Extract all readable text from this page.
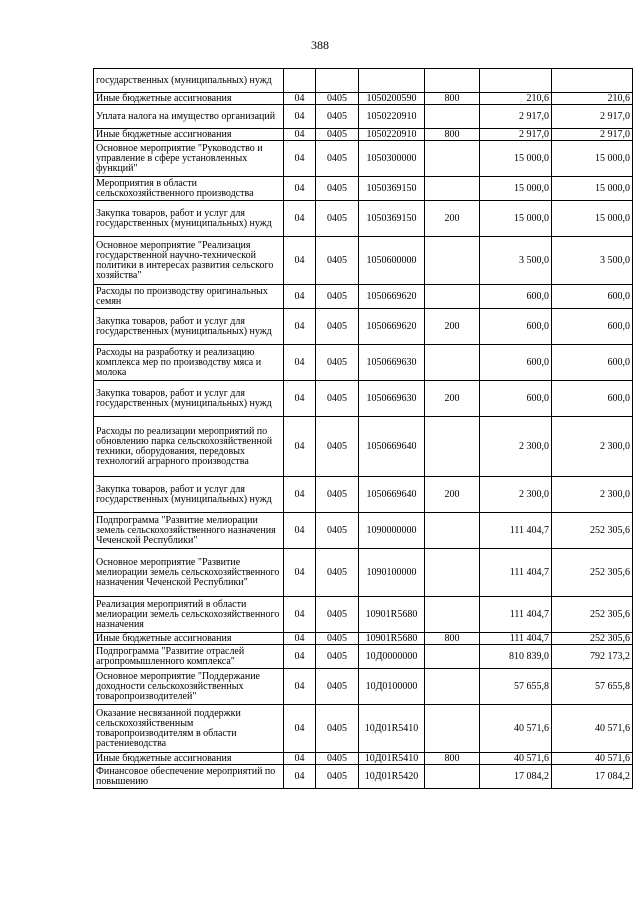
388
государственных (муниципальных) нужд						
Иные бюджетные ассигнования	04	0405	1050200590	800	210,6	210,6
Уплата налога на имущество организаций	04	0405	1050220910		2 917,0	2 917,0
Иные бюджетные ассигнования	04	0405	1050220910	800	2 917,0	2 917,0
Основное мероприятие "Руководство и управление в сфере установленных функций"	04	0405	1050300000		15 000,0	15 000,0
Мероприятия в области сельскохозяйственного производства	04	0405	1050369150		15 000,0	15 000,0
Закупка товаров, работ и услуг для государственных (муниципальных) нужд	04	0405	1050369150	200	15 000,0	15 000,0
Основное мероприятие "Реализация государственной научно-технической политики в интересах развития сельского хозяйства"	04	0405	1050600000		3 500,0	3 500,0
Расходы по производству оригинальных семян	04	0405	1050669620		600,0	600,0
Закупка товаров, работ и услуг для государственных (муниципальных) нужд	04	0405	1050669620	200	600,0	600,0
Расходы на разработку и реализацию комплекса мер по производству мяса и молока	04	0405	1050669630		600,0	600,0
Закупка товаров, работ и услуг для государственных (муниципальных) нужд	04	0405	1050669630	200	600,0	600,0
Расходы по реализации мероприятий по обновлению парка сельскохозяйственной техники, оборудования, передовых технологий аграрного производства	04	0405	1050669640		2 300,0	2 300,0
Закупка товаров, работ и услуг для государственных (муниципальных) нужд	04	0405	1050669640	200	2 300,0	2 300,0
Подпрограмма "Развитие мелиорации земель сельскохозяйственного назначения Чеченской Республики"	04	0405	1090000000		111 404,7	252 305,6
Основное мероприятие "Развитие мелиорации земель сельскохозяйственного назначения Чеченской Республики"	04	0405	1090100000		111 404,7	252 305,6
Реализация мероприятий в области мелиорации земель сельскохозяйственного назначения	04	0405	10901R5680		111 404,7	252 305,6
Иные бюджетные ассигнования	04	0405	10901R5680	800	111 404,7	252 305,6
Подпрограмма "Развитие отраслей агропромышленного комплекса"	04	0405	10Д0000000		810 839,0	792 173,2
Основное мероприятие "Поддержание доходности сельскохозяйственных товаропроизводителей"	04	0405	10Д0100000		57 655,8	57 655,8
Оказание несвязанной поддержки сельскохозяйственным товаропроизводителям в области растениеводства	04	0405	10Д01R5410		40 571,6	40 571,6
Иные бюджетные ассигнования	04	0405	10Д01R5410	800	40 571,6	40 571,6
Финансовое обеспечение мероприятий по повышению	04	0405	10Д01R5420		17 084,2	17 084,2
